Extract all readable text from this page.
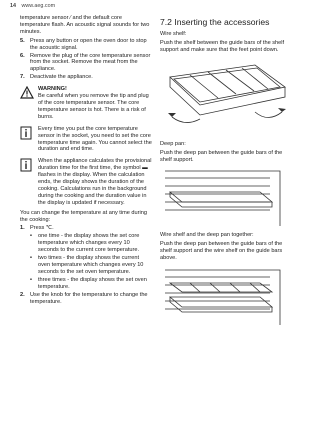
14 www.aeg.com

temperature sensor ⁄ and the default core temperature flash. An acoustic signal sounds for two minutes.

5. Press any button or open the oven door to stop the acoustic signal.
6. Remove the plug of the core temperature sensor from the socket. Remove the meat from the appliance.
7. Deactivate the appliance.
WARNING!
Be careful when you remove the tip and plug of the core temperature sensor. The core temperature sensor is hot. There is a risk of burns.
Every time you put the core temperature sensor in the socket, you need to set the core temperature time again. You cannot select the duration and end time.
When the appliance calculates the provisional duration time for the first time, the symbol ▬ flashes in the display. When the calculation ends, the display shows the duration of the cooking. Calculations run in the background during the cooking and the duration value in the display is updated if necessary.

You can change the temperature at any time during the cooking:

1. Press ℃.
•	one time - the display shows the set core temperature which changes every 10 seconds to the current core temperature.
•	two times - the display shows the current oven temperature which changes every 10 seconds to the set oven temperature.
•	three times - the display shows the set oven temperature.
2. Use the knob for the temperature to change the temperature.
7.2 Inserting the accessories

Wire shelf:

Push the shelf between the guide bars of the shelf support and make sure that the feet point down.

Deep pan:

Push the deep pan between the guide bars of the shelf support.

Wire shelf and the deep pan together:

Push the deep pan between the guide bars of the shelf support and the wire shelf on the guide bars above.
